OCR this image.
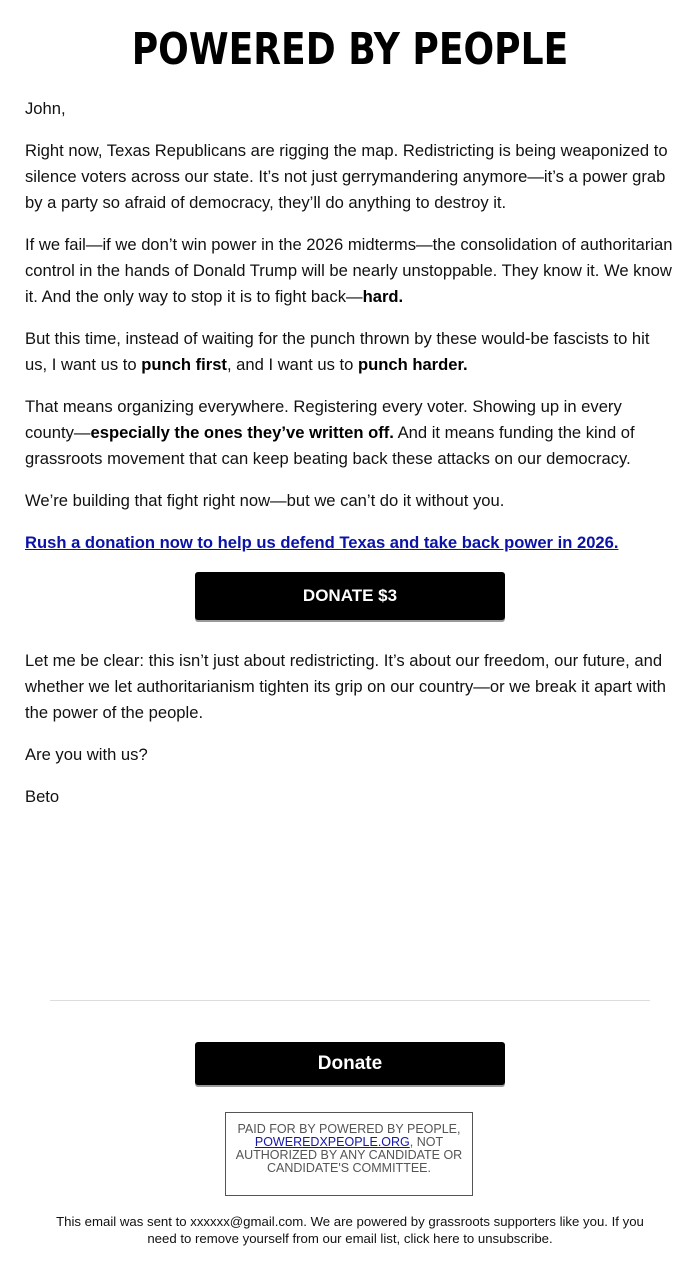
POWERED BY PEOPLE

John,

Right now, Texas Republicans are rigging the map. Redistricting is being weaponized to silence voters across our state. It’s not just gerrymandering anymore—it’s a power grab by a party so afraid of democracy, they’ll do anything to destroy it.

If we fail—if we don’t win power in the 2026 midterms—the consolidation of authoritarian control in the hands of Donald Trump will be nearly unstoppable. They know it. We know it. And the only way to stop it is to fight back—hard.

But this time, instead of waiting for the punch thrown by these would-be fascists to hit us, I want us to punch first, and I want us to punch harder.

That means organizing everywhere. Registering every voter. Showing up in every county—especially the ones they’ve written off. And it means funding the kind of grassroots movement that can keep beating back these attacks on our democracy.

We’re building that fight right now—but we can’t do it without you.

Rush a donation now to help us defend Texas and take back power in 2026.

DONATE $3

Let me be clear: this isn’t just about redistricting. It’s about our freedom, our future, and whether we let authoritarianism tighten its grip on our country—or we break it apart with the power of the people.

Are you with us?

Beto

Donate
PAID FOR BY POWERED BY PEOPLE, POWEREDXPEOPLE.ORG, NOT AUTHORIZED BY ANY CANDIDATE OR CANDIDATE'S COMMITTEE.
This email was sent to xxxxxx@gmail.com. We are powered by grassroots supporters like you. If you need to remove yourself from our email list, click here to unsubscribe.
